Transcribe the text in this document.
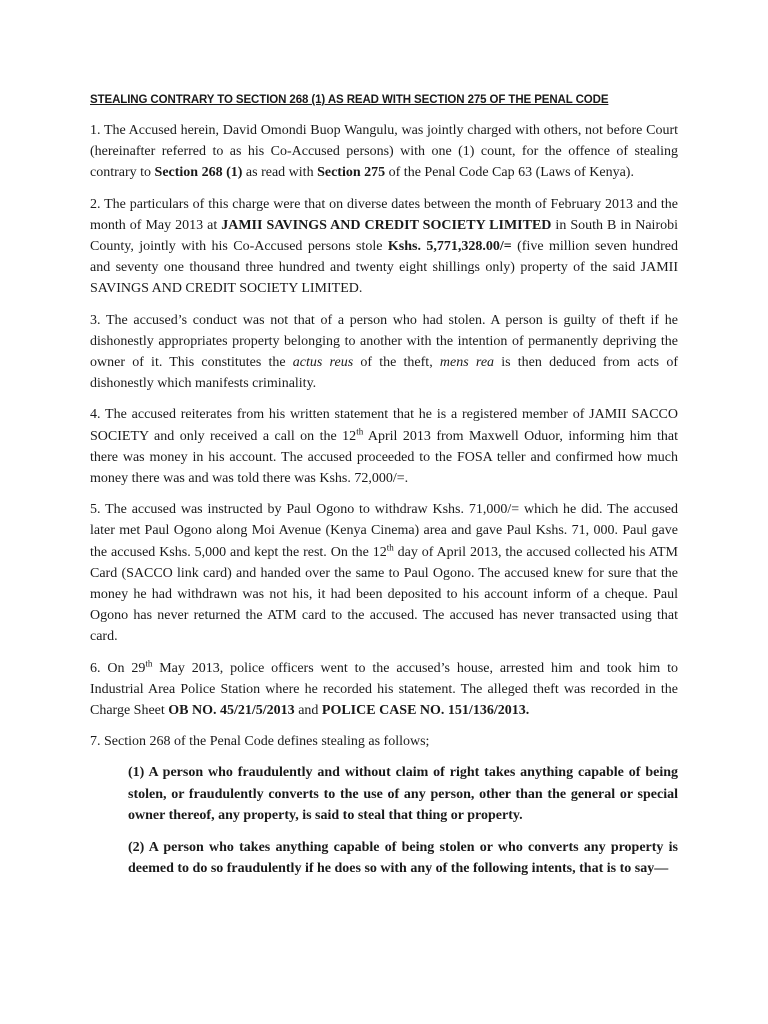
STEALING CONTRARY TO SECTION 268 (1) AS READ WITH SECTION 275 OF THE PENAL CODE

1. The Accused herein, David Omondi Buop Wangulu, was jointly charged with others, not before Court (hereinafter referred to as his Co-Accused persons) with one (1) count, for the offence of stealing contrary to Section 268 (1) as read with Section 275 of the Penal Code Cap 63 (Laws of Kenya).

2. The particulars of this charge were that on diverse dates between the month of February 2013 and the month of May 2013 at JAMII SAVINGS AND CREDIT SOCIETY LIMITED in South B in Nairobi County, jointly with his Co-Accused persons stole Kshs. 5,771,328.00/= (five million seven hundred and seventy one thousand three hundred and twenty eight shillings only) property of the said JAMII SAVINGS AND CREDIT SOCIETY LIMITED.

3. The accused’s conduct was not that of a person who had stolen. A person is guilty of theft if he dishonestly appropriates property belonging to another with the intention of permanently depriving the owner of it. This constitutes the actus reus of the theft, mens rea is then deduced from acts of dishonestly which manifests criminality.

4. The accused reiterates from his written statement that he is a registered member of JAMII SACCO SOCIETY and only received a call on the 12th April 2013 from Maxwell Oduor, informing him that there was money in his account. The accused proceeded to the FOSA teller and confirmed how much money there was and was told there was Kshs. 72,000/=.

5. The accused was instructed by Paul Ogono to withdraw Kshs. 71,000/= which he did. The accused later met Paul Ogono along Moi Avenue (Kenya Cinema) area and gave Paul Kshs. 71, 000. Paul gave the accused Kshs. 5,000 and kept the rest. On the 12th day of April 2013, the accused collected his ATM Card (SACCO link card) and handed over the same to Paul Ogono. The accused knew for sure that the money he had withdrawn was not his, it had been deposited to his account inform of a cheque. Paul Ogono has never returned the ATM card to the accused. The accused has never transacted using that card.

6. On 29th May 2013, police officers went to the accused’s house, arrested him and took him to Industrial Area Police Station where he recorded his statement. The alleged theft was recorded in the Charge Sheet OB NO. 45/21/5/2013 and POLICE CASE NO. 151/136/2013.

7. Section 268 of the Penal Code defines stealing as follows;

(1) A person who fraudulently and without claim of right takes anything capable of being stolen, or fraudulently converts to the use of any person, other than the general or special owner thereof, any property, is said to steal that thing or property.

(2) A person who takes anything capable of being stolen or who converts any property is deemed to do so fraudulently if he does so with any of the following intents, that is to say—
